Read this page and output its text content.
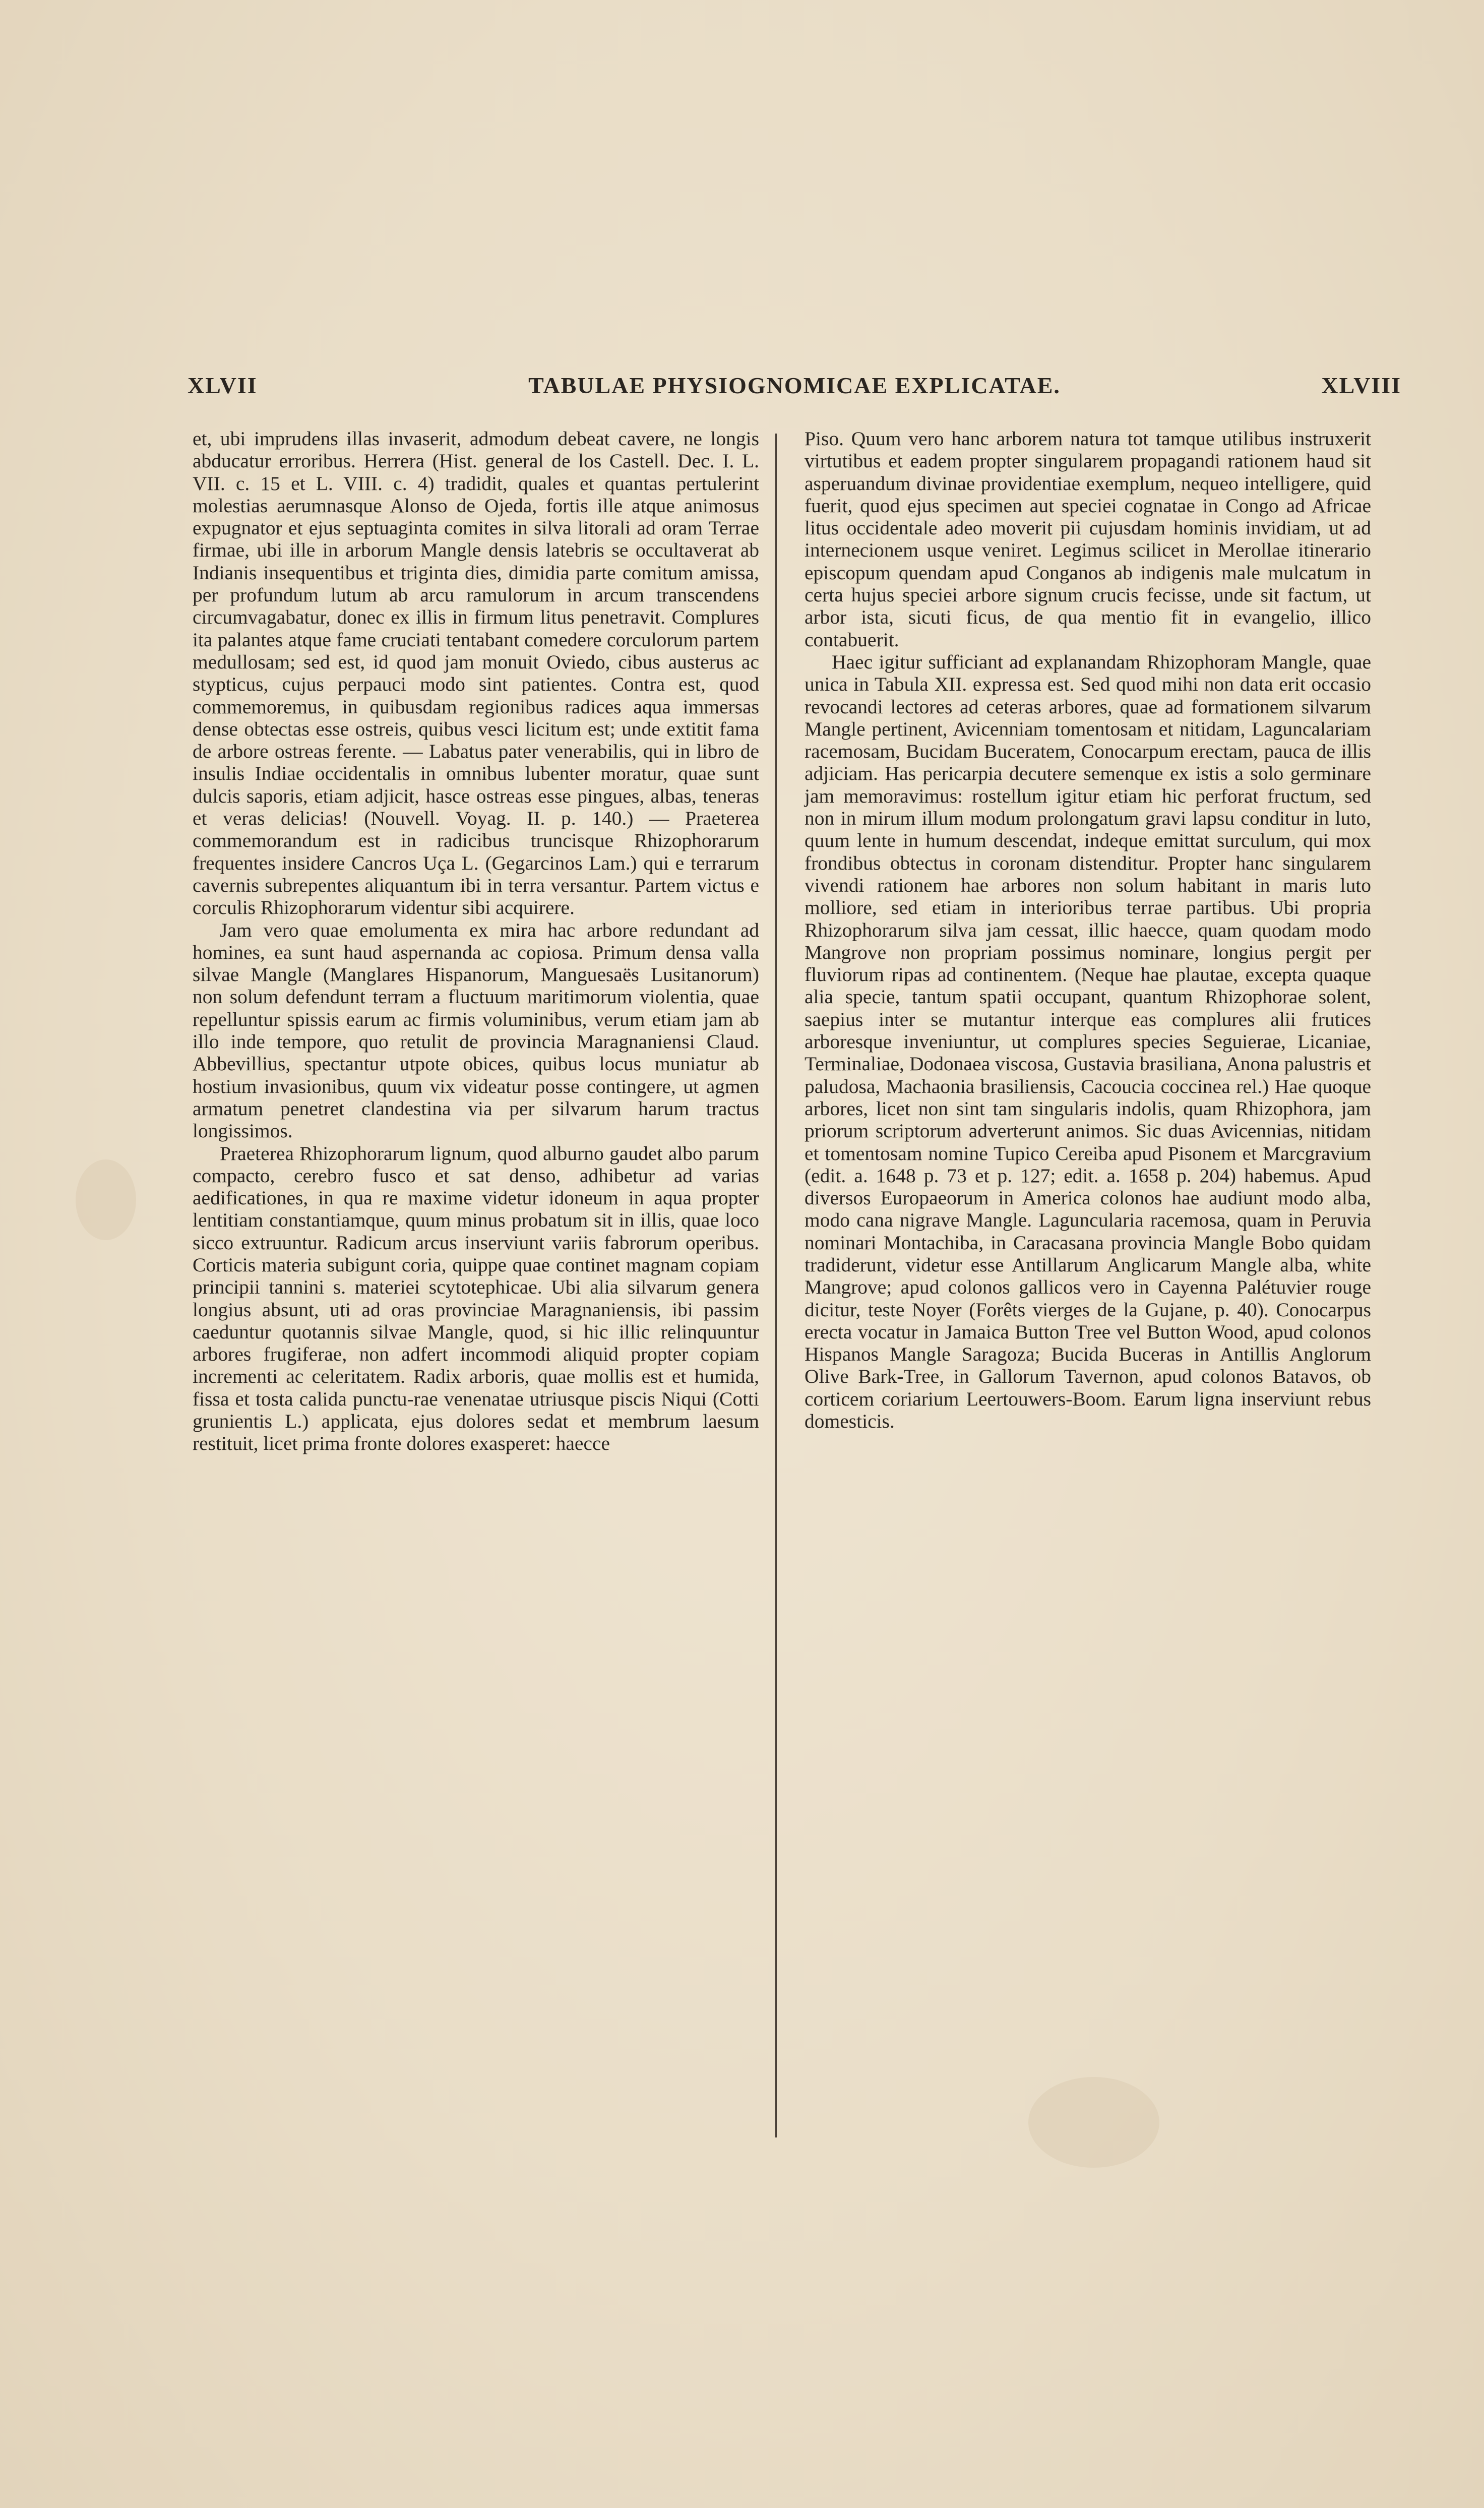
XLVII	TABULAE PHYSIOGNOMICAE EXPLICATAE.	XLVIII

et, ubi imprudens illas invaserit, admodum debeat cavere, ne longis abducatur erroribus. Herrera (Hist. general de los Castell. Dec. I. L. VII. c. 15 et L. VIII. c. 4) tradidit, quales et quantas pertulerint molestias aerumnasque Alonso de Ojeda, fortis ille atque animosus expugnator et ejus septuaginta comites in silva litorali ad oram Terrae firmae, ubi ille in arborum Mangle densis latebris se occultaverat ab Indianis insequentibus et triginta dies, dimidia parte comitum amissa, per profundum lutum ab arcu ramulorum in arcum transcendens circumvagabatur, donec ex illis in firmum litus penetravit. Complures ita palantes atque fame cruciati tentabant comedere corculorum partem medullosam; sed est, id quod jam monuit Oviedo, cibus austerus ac stypticus, cujus perpauci modo sint patientes. Contra est, quod commemoremus, in quibusdam regionibus radices aqua immersas dense obtectas esse ostreis, quibus vesci licitum est; unde extitit fama de arbore ostreas ferente. — Labatus pater venerabilis, qui in libro de insulis Indiae occidentalis in omnibus lubenter moratur, quae sunt dulcis saporis, etiam adjicit, hasce ostreas esse pingues, albas, teneras et veras delicias! (Nouvell. Voyag. II. p. 140.) — Praeterea commemorandum est in radicibus truncisque Rhizophorarum frequentes insidere Cancros Uça L. (Gegarcinos Lam.) qui e terrarum cavernis subrepentes aliquantum ibi in terra versantur. Partem victus e corculis Rhizophorarum videntur sibi acquirere.

Jam vero quae emolumenta ex mira hac arbore redundant ad homines, ea sunt haud aspernanda ac copiosa. Primum densa valla silvae Mangle (Manglares Hispanorum, Manguesaës Lusitanorum) non solum defendunt terram a fluctuum maritimorum violentia, quae repelluntur spissis earum ac firmis voluminibus, verum etiam jam ab illo inde tempore, quo retulit de provincia Maragnaniensi Claud. Abbevillius, spectantur utpote obices, quibus locus muniatur ab hostium invasionibus, quum vix videatur posse contingere, ut agmen armatum penetret clandestina via per silvarum harum tractus longissimos.

Praeterea Rhizophorarum lignum, quod alburno gaudet albo parum compacto, cerebro fusco et sat denso, adhibetur ad varias aedificationes, in qua re maxime videtur idoneum in aqua propter lentitiam constantiamque, quum minus probatum sit in illis, quae loco sicco extruuntur. Radicum arcus inserviunt variis fabrorum operibus. Corticis materia subigunt coria, quippe quae continet magnam copiam principii tannini s. materiei scytotephicae. Ubi alia silvarum genera longius absunt, uti ad oras provinciae Maragnaniensis, ibi passim caeduntur quotannis silvae Mangle, quod, si hic illic relinquuntur arbores frugiferae, non adfert incommodi aliquid propter copiam incrementi ac celeritatem. Radix arboris, quae mollis est et humida, fissa et tosta calida punctu-rae venenatae utriusque piscis Niqui (Cotti grunientis L.) applicata, ejus dolores sedat et membrum laesum restituit, licet prima fronte dolores exasperet: haecce

Piso. Quum vero hanc arborem natura tot tamque utilibus instruxerit virtutibus et eadem propter singularem propagandi rationem haud sit asperuandum divinae providentiae exemplum, nequeo intelligere, quid fuerit, quod ejus specimen aut speciei cognatae in Congo ad Africae litus occidentale adeo moverit pii cujusdam hominis invidiam, ut ad internecionem usque veniret. Legimus scilicet in Merollae itinerario episcopum quendam apud Conganos ab indigenis male mulcatum in certa hujus speciei arbore signum crucis fecisse, unde sit factum, ut arbor ista, sicuti ficus, de qua mentio fit in evangelio, illico contabuerit.

Haec igitur sufficiant ad explanandam Rhizophoram Mangle, quae unica in Tabula XII. expressa est. Sed quod mihi non data erit occasio revocandi lectores ad ceteras arbores, quae ad formationem silvarum Mangle pertinent, Avicenniam tomentosam et nitidam, Laguncalariam racemosam, Bucidam Buceratem, Conocarpum erectam, pauca de illis adjiciam. Has pericarpia decutere semenque ex istis a solo germinare jam memoravimus: rostellum igitur etiam hic perforat fructum, sed non in mirum illum modum prolongatum gravi lapsu conditur in luto, quum lente in humum descendat, indeque emittat surculum, qui mox frondibus obtectus in coronam distenditur. Propter hanc singularem vivendi rationem hae arbores non solum habitant in maris luto molliore, sed etiam in interioribus terrae partibus. Ubi propria Rhizophorarum silva jam cessat, illic haecce, quam quodam modo Mangrove non propriam possimus nominare, longius pergit per fluviorum ripas ad continentem. (Neque hae plautae, excepta quaque alia specie, tantum spatii occupant, quantum Rhizophorae solent, saepius inter se mutantur interque eas complures alii frutices arboresque inveniuntur, ut complures species Seguierae, Licaniae, Terminaliae, Dodonaea viscosa, Gustavia brasiliana, Anona palustris et paludosa, Machaonia brasiliensis, Cacoucia coccinea rel.) Hae quoque arbores, licet non sint tam singularis indolis, quam Rhizophora, jam priorum scriptorum adverterunt animos. Sic duas Avicennias, nitidam et tomentosam nomine Tupico Cereiba apud Pisonem et Marcgravium (edit. a. 1648 p. 73 et p. 127; edit. a. 1658 p. 204) habemus. Apud diversos Europaeorum in America colonos hae audiunt modo alba, modo cana nigrave Mangle. Laguncularia racemosa, quam in Peruvia nominari Montachiba, in Caracasana provincia Mangle Bobo quidam tradiderunt, videtur esse Antillarum Anglicarum Mangle alba, white Mangrove; apud colonos gallicos vero in Cayenna Palétuvier rouge dicitur, teste Noyer (Forêts vierges de la Gujane, p. 40). Conocarpus erecta vocatur in Jamaica Button Tree vel Button Wood, apud colonos Hispanos Mangle Saragoza; Bucida Buceras in Antillis Anglorum Olive Bark-Tree, in Gallorum Tavernon, apud colonos Batavos, ob corticem coriarium Leertouwers-Boom. Earum ligna inserviunt rebus domesticis.
